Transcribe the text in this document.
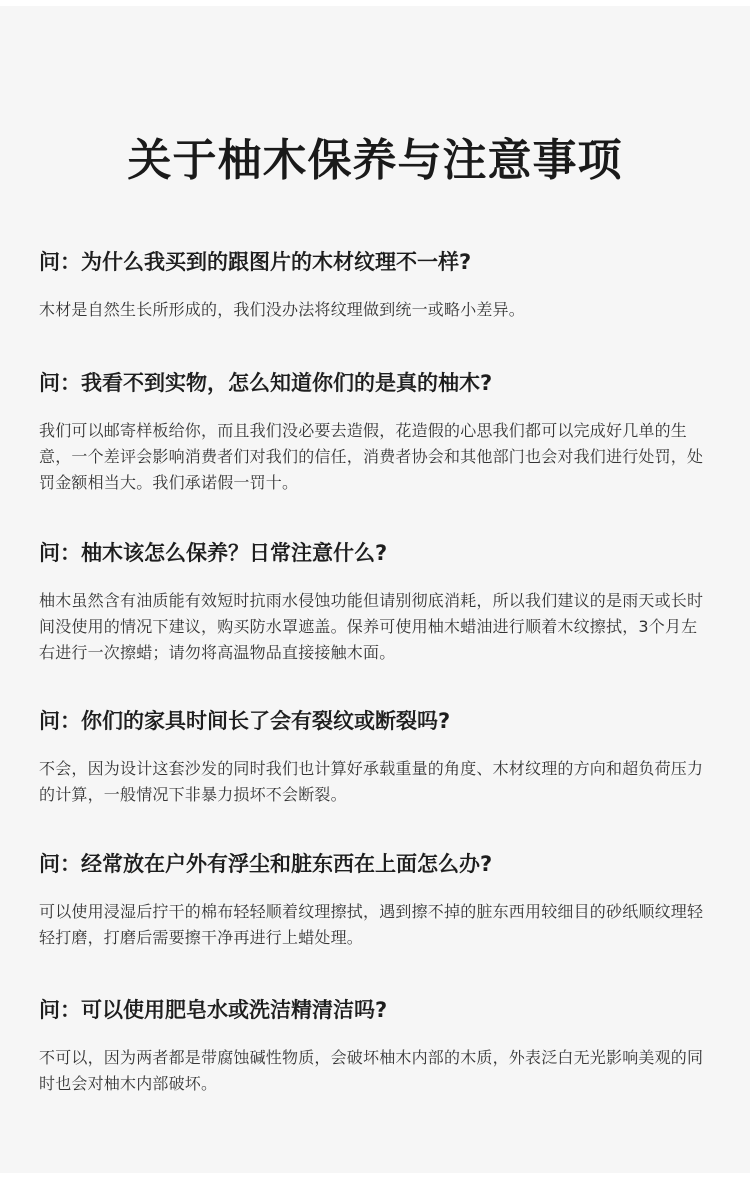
关于柚木保养与注意事项
问：为什么我买到的跟图片的木材纹理不一样?

木材是自然生长所形成的，我们没办法将纹理做到统一或略小差异。

问：我看不到实物，怎么知道你们的是真的柚木?

我们可以邮寄样板给你，而且我们没必要去造假，花造假的心思我们都可以完成好几单的生意，一个差评会影响消费者们对我们的信任，消费者协会和其他部门也会对我们进行处罚，处罚金额相当大。我们承诺假一罚十。

问：柚木该怎么保养？日常注意什么?

柚木虽然含有油质能有效短时抗雨水侵蚀功能但请别彻底消耗，所以我们建议的是雨天或长时间没使用的情况下建议，购买防水罩遮盖。保养可使用柚木蜡油进行顺着木纹擦拭，3个月左右进行一次擦蜡；请勿将高温物品直接接触木面。

问：你们的家具时间长了会有裂纹或断裂吗?

不会，因为设计这套沙发的同时我们也计算好承载重量的角度、木材纹理的方向和超负荷压力的计算，一般情况下非暴力损坏不会断裂。

问：经常放在户外有浮尘和脏东西在上面怎么办?

可以使用浸湿后拧干的棉布轻轻顺着纹理擦拭，遇到擦不掉的脏东西用较细目的砂纸顺纹理轻轻打磨，打磨后需要擦干净再进行上蜡处理。

问：可以使用肥皂水或洗洁精清洁吗?

不可以，因为两者都是带腐蚀碱性物质，会破坏柚木内部的木质，外表泛白无光影响美观的同时也会对柚木内部破坏。
